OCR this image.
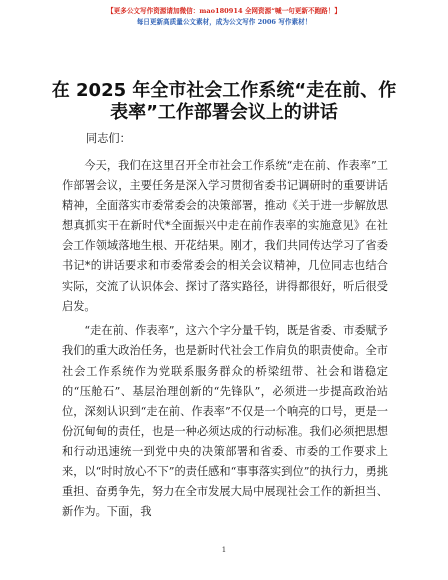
【更多公文写作资源请加微信：mao180914 全网资源“喊一句更新不跑路！】
每日更新高质量公文素材，成为公文写作 2006 写作素材！
在 2025 年全市社会工作系统“走在前、作表率”工作部署会议上的讲话
同志们：

今天，我们在这里召开全市社会工作系统“走在前、作表率”工作部署会议，主要任务是深入学习贯彻省委书记调研时的重要讲话精神，全面落实市委常委会的决策部署，推动《关于进一步解放思想真抓实干在新时代*全面振兴中走在前作表率的实施意见》在社会工作领域落地生根、开花结果。刚才，我们共同传达学习了省委书记*的讲话要求和市委常委会的相关会议精神，几位同志也结合实际，交流了认识体会、探讨了落实路径，讲得都很好，听后很受启发。

“走在前、作表率”，这六个字分量千钧，既是省委、市委赋予我们的重大政治任务，也是新时代社会工作肩负的职责使命。全市社会工作系统作为党联系服务群众的桥梁纽带、社会和谐稳定的“压舱石”、基层治理创新的“先锋队”，必须进一步提高政治站位，深刻认识到“走在前、作表率”不仅是一个响亮的口号，更是一份沉甸甸的责任，也是一种必须达成的行动标准。我们必须把思想和行动迅速统一到党中央的决策部署和省委、市委的工作要求上来，以“时时放心不下”的责任感和“事事落实到位”的执行力，勇挑重担、奋勇争先，努力在全市发展大局中展现社会工作的新担当、新作为。下面，我

1
